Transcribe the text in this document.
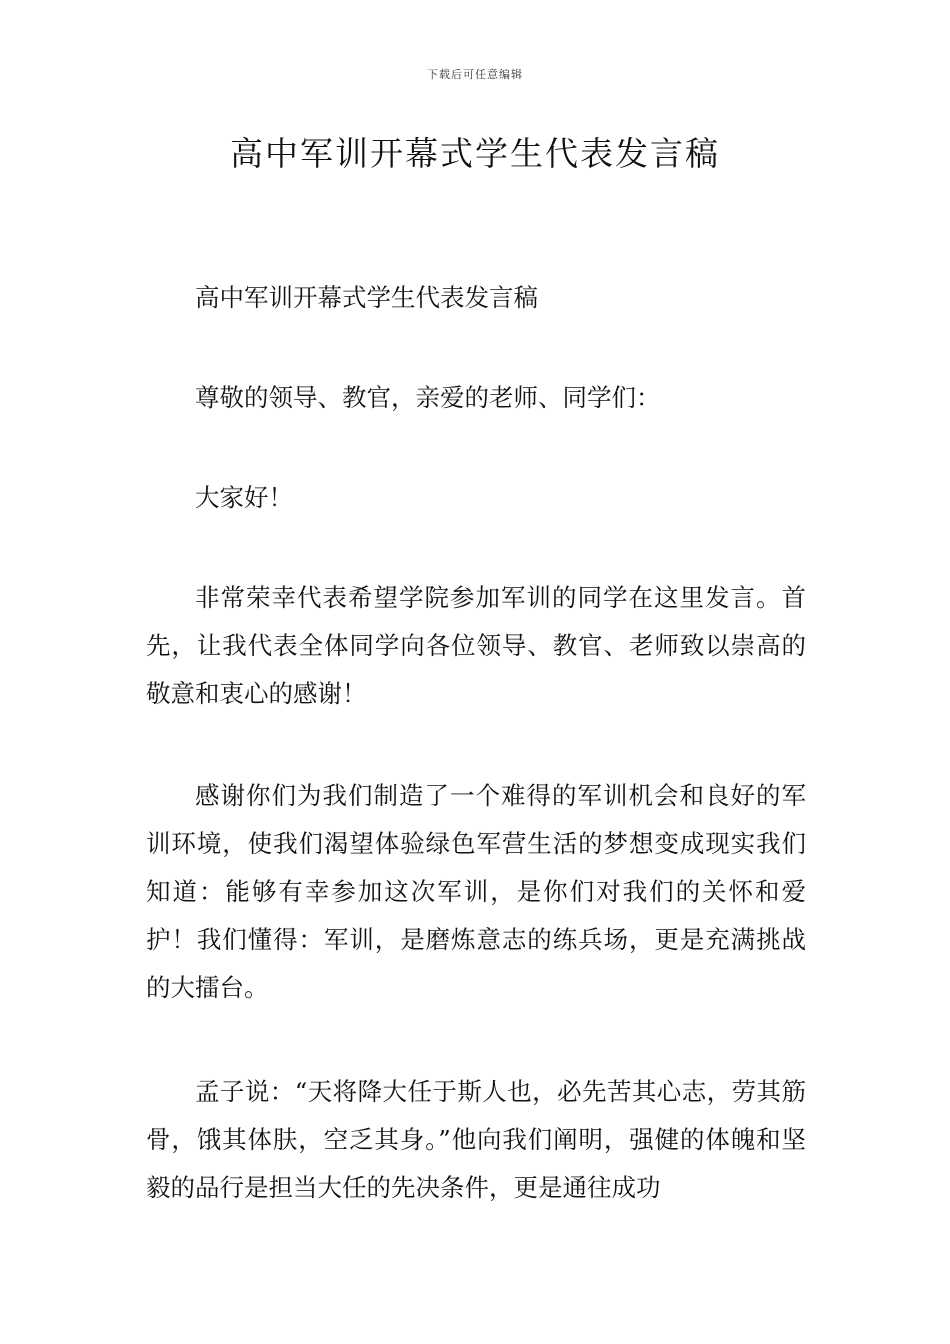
下载后可任意编辑
高中军训开幕式学生代表发言稿

高中军训开幕式学生代表发言稿

尊敬的领导、教官，亲爱的老师、同学们：

大家好！

非常荣幸代表希望学院参加军训的同学在这里发言。首先，让我代表全体同学向各位领导、教官、老师致以崇高的敬意和衷心的感谢！

感谢你们为我们制造了一个难得的军训机会和良好的军训环境，使我们渴望体验绿色军营生活的梦想变成现实我们知道：能够有幸参加这次军训，是你们对我们的关怀和爱护！我们懂得：军训，是磨炼意志的练兵场，更是充满挑战的大擂台。

孟子说：“天将降大任于斯人也，必先苦其心志，劳其筋骨，饿其体肤，空乏其身。”他向我们阐明，强健的体魄和坚毅的品行是担当大任的先决条件，更是通往成功
